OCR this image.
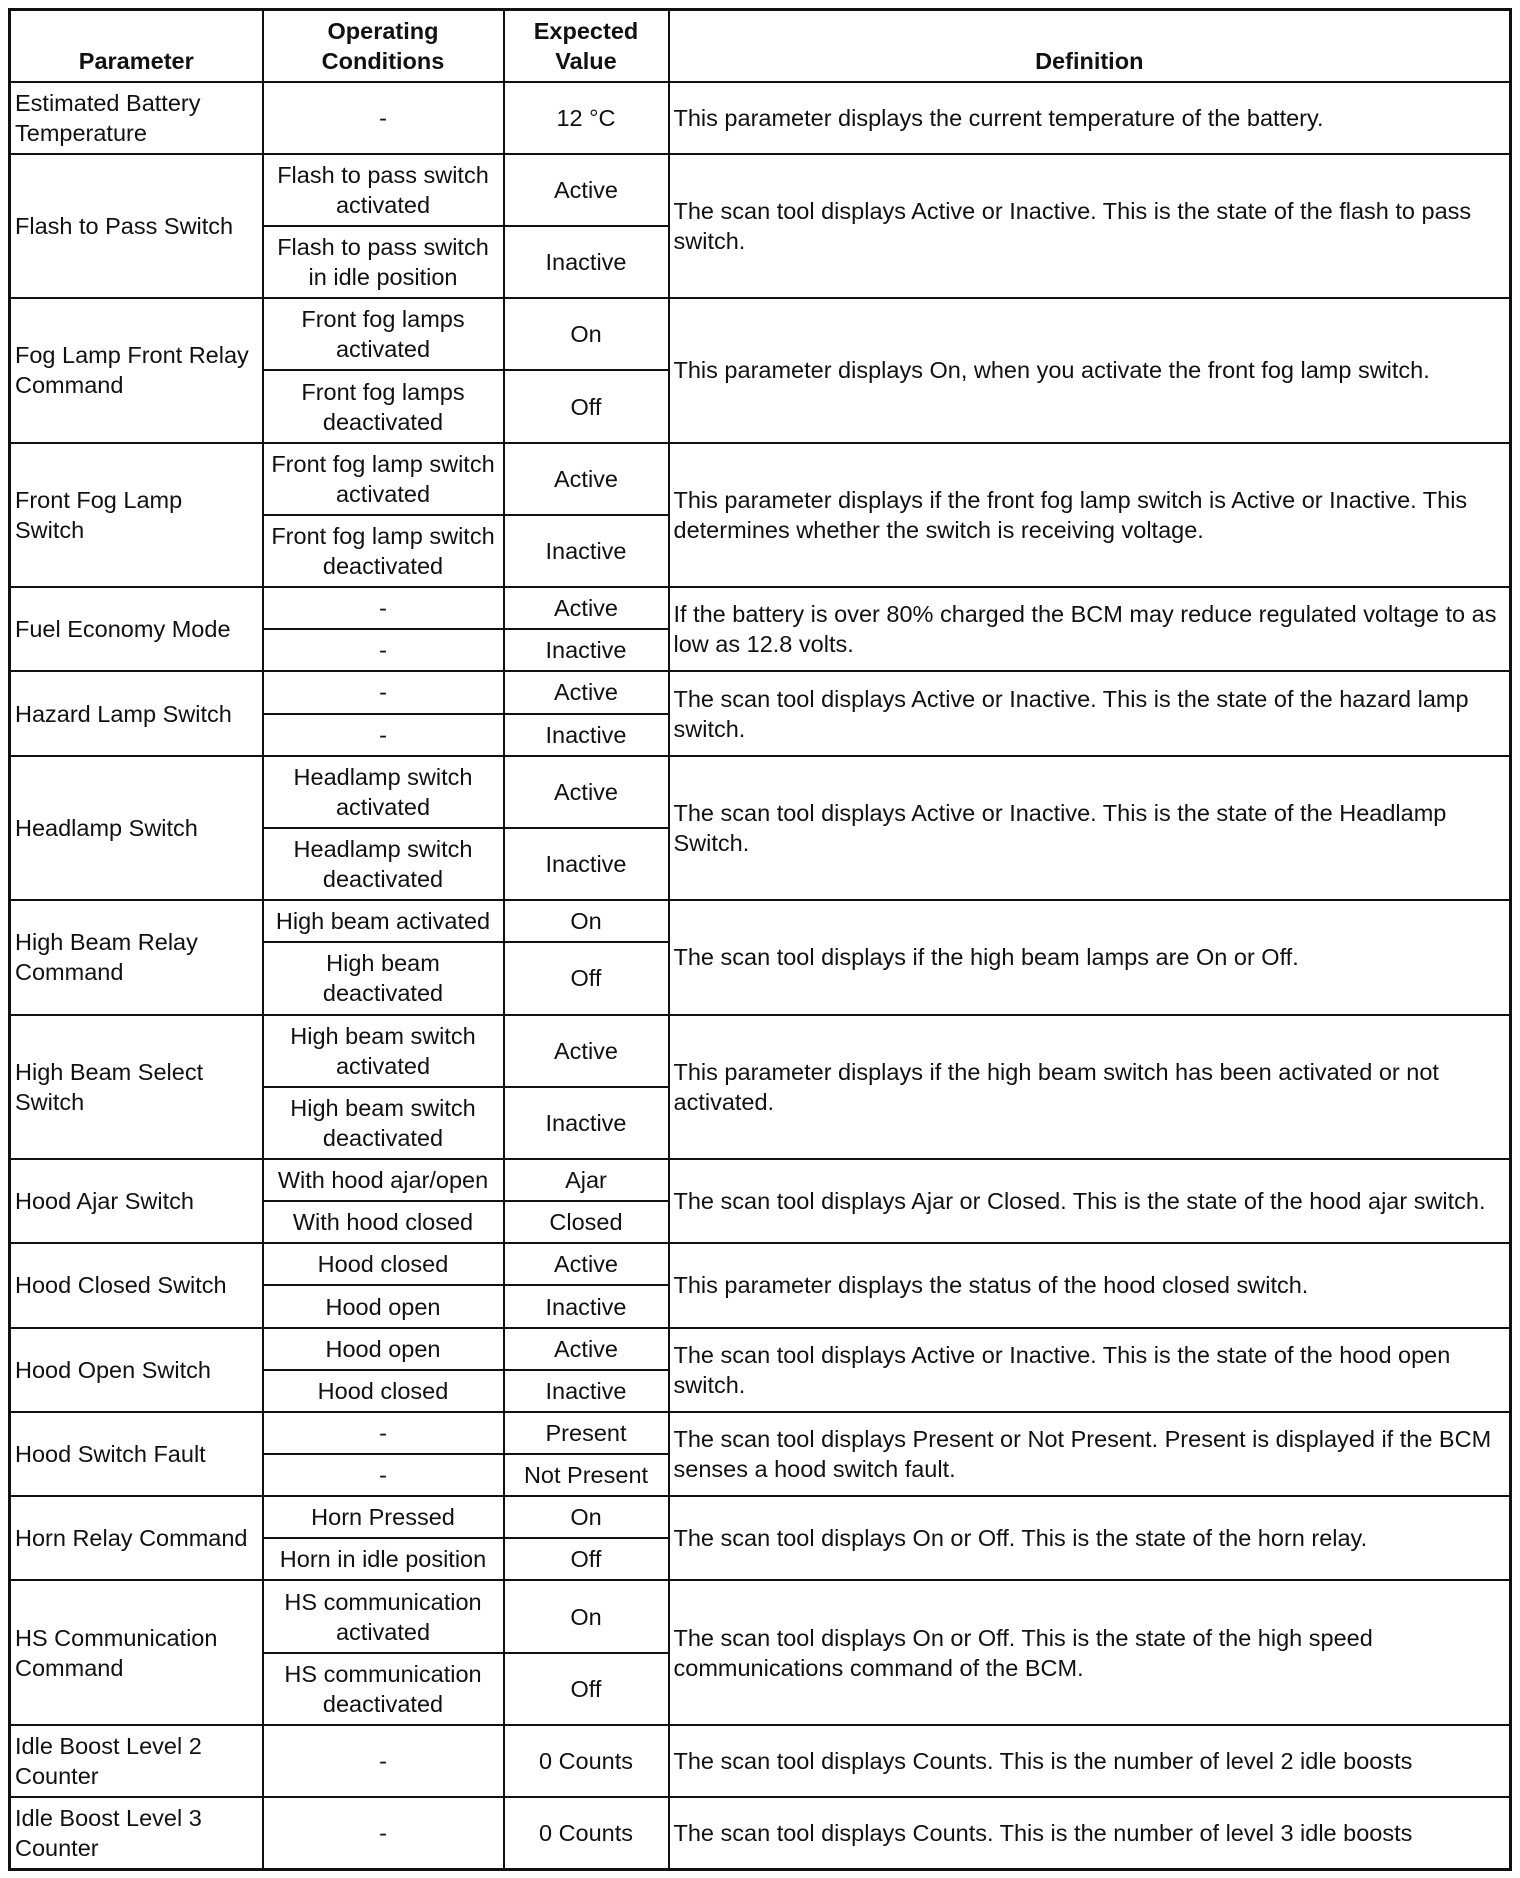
Parameter	Operating Conditions	Expected Value	Definition
Estimated Battery Temperature	-	12 °C	This parameter displays the current temperature of the battery.
Flash to Pass Switch	Flash to pass switch activated	Active	The scan tool displays Active or Inactive. This is the state of the flash to pass switch.
	Flash to pass switch in idle position	Inactive	
Fog Lamp Front Relay Command	Front fog lamps activated	On	This parameter displays On, when you activate the front fog lamp switch.
	Front fog lamps deactivated	Off	
Front Fog Lamp Switch	Front fog lamp switch activated	Active	This parameter displays if the front fog lamp switch is Active or Inactive. This determines whether the switch is receiving voltage.
	Front fog lamp switch deactivated	Inactive	
Fuel Economy Mode	-	Active	If the battery is over 80% charged the BCM may reduce regulated voltage to as low as 12.8 volts.
	-	Inactive	
Hazard Lamp Switch	-	Active	The scan tool displays Active or Inactive. This is the state of the hazard lamp switch.
	-	Inactive	
Headlamp Switch	Headlamp switch activated	Active	The scan tool displays Active or Inactive. This is the state of the Headlamp Switch.
	Headlamp switch deactivated	Inactive	
High Beam Relay Command	High beam activated	On	The scan tool displays if the high beam lamps are On or Off.
	High beam deactivated	Off	
High Beam Select Switch	High beam switch activated	Active	This parameter displays if the high beam switch has been activated or not activated.
	High beam switch deactivated	Inactive	
Hood Ajar Switch	With hood ajar/open	Ajar	The scan tool displays Ajar or Closed. This is the state of the hood ajar switch.
	With hood closed	Closed	
Hood Closed Switch	Hood closed	Active	This parameter displays the status of the hood closed switch.
	Hood open	Inactive	
Hood Open Switch	Hood open	Active	The scan tool displays Active or Inactive. This is the state of the hood open switch.
	Hood closed	Inactive	
Hood Switch Fault	-	Present	The scan tool displays Present or Not Present. Present is displayed if the BCM senses a hood switch fault.
	-	Not Present	
Horn Relay Command	Horn Pressed	On	The scan tool displays On or Off. This is the state of the horn relay.
	Horn in idle position	Off	
HS Communication Command	HS communication activated	On	The scan tool displays On or Off. This is the state of the high speed communications command of the BCM.
	HS communication deactivated	Off	
Idle Boost Level 2 Counter	-	0 Counts	The scan tool displays Counts. This is the number of level 2 idle boosts
Idle Boost Level 3 Counter	-	0 Counts	The scan tool displays Counts. This is the number of level 3 idle boosts
